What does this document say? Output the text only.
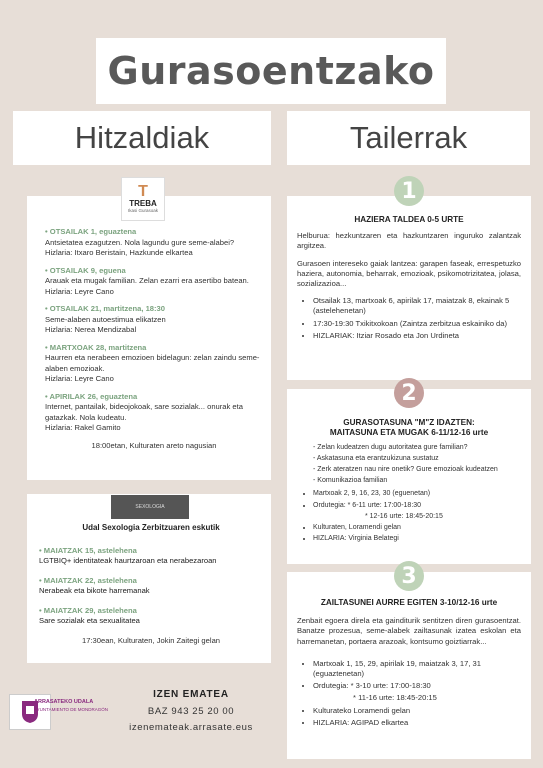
Gurasoentzako
Hitzaldiak	Tailerrak
• OTSAILAK 1, eguaztena
Antsietatea ezagutzen. Nola lagundu gure seme-alabei?
Hizlaria: Itxaro Beristain, Hazkunde elkartea
• OTSAILAK 9, eguena
Arauak eta mugak familian. Zelan ezarri era asertibo batean.
Hizlaria: Leyre Cano
• OTSAILAK 21, martitzena, 18:30
Seme-alaben autoestimua elikatzen
Hizlaria: Nerea Mendizabal
• MARTXOAK 28, martitzena
Haurren eta nerabeen emozioen bidelagun: zelan zaindu seme-alaben emozioak.
Hizlaria: Leyre Cano
• APIRILAK 26, eguaztena
Internet, pantailak, bideojokoak, sare sozialak... onurak eta gatazkak. Nola kudeatu.
Hizlaria: Rakel Gamito
18:00etan, Kulturaten areto nagusian
T
TREBA
Ikasi Gurasoak
Udal Sexologia Zerbitzuaren eskutik
• MAIATZAK 15, astelehena
LGTBIQ+ identitateak haurtzaroan eta nerabezaroan
• MAIATZAK 22, astelehena
Nerabeak eta bikote harremanak
• MAIATZAK 29, astelehena
Sare sozialak eta sexualitatea
17:30ean, Kulturaten, Jokin Zaitegi gelan
SEXOLOGIA
HAZIERA TALDEA 0-5 URTE

Helburua: hezkuntzaren eta hazkuntzaren inguruko zalantzak argitzea.

Gurasoen intereseko gaiak lantzea: garapen faseak, errespetuzko haziera, autonomia, beharrak, emozioak, psikomotrizitatea, jolasa, sozializazioa...

• Otsailak 13, martxoak 6, apirilak 17, maiatzak 8, ekainak 5 (astelehenetan)
• 17:30-19:30 Txikitxokoan (Zaintza zerbitzua eskainiko da)
• HIZLARIAK: Itziar Rosado eta Jon Urdineta
1
GURASOTASUNA "M"Z IDAZTEN:
MAITASUNA ETA MUGAK 6-11/12-16 urte
- Zelan kudeatzen dugu autoritatea gure familian?
- Askatasuna eta erantzukizuna sustatuz
- Zerk ateratzen nau nire onetik? Gure emozioak kudeatzen
- Komunikazioa familian
• Martxoak 2, 9, 16, 23, 30 (eguenetan)
• Ordutegia: * 6-11 urte: 17:00-18:30
* 12-16 urte: 18:45-20:15
• Kulturaten, Loramendi gelan
• HIZLARIA: Virginia Belategi
2
ZAILTASUNEI AURRE EGITEN 3-10/12-16 urte

Zenbait egoera direla eta gainditurik sentitzen diren gurasoentzat. Banatze prozesua, seme-alabek zailtasunak izatea eskolan eta harremanetan, portaera arazoak, kontsumo goiztiarrak...

• Martxoak 1, 15, 29, apirilak 19, maiatzak 3, 17, 31 (eguaztenetan)
• Ordutegia: * 3-10 urte: 17:00-18:30
* 11-16 urte: 18:45-20:15
• Kulturateko Loramendi gelan
• HIZLARIA: AGIPAD elkartea
3
ARRASATEKO UDALA
AYUNTAMIENTO DE MONDRAGÓN
IZEN EMATEA
BAZ 943 25 20 00
izenemateak.arrasate.eus
